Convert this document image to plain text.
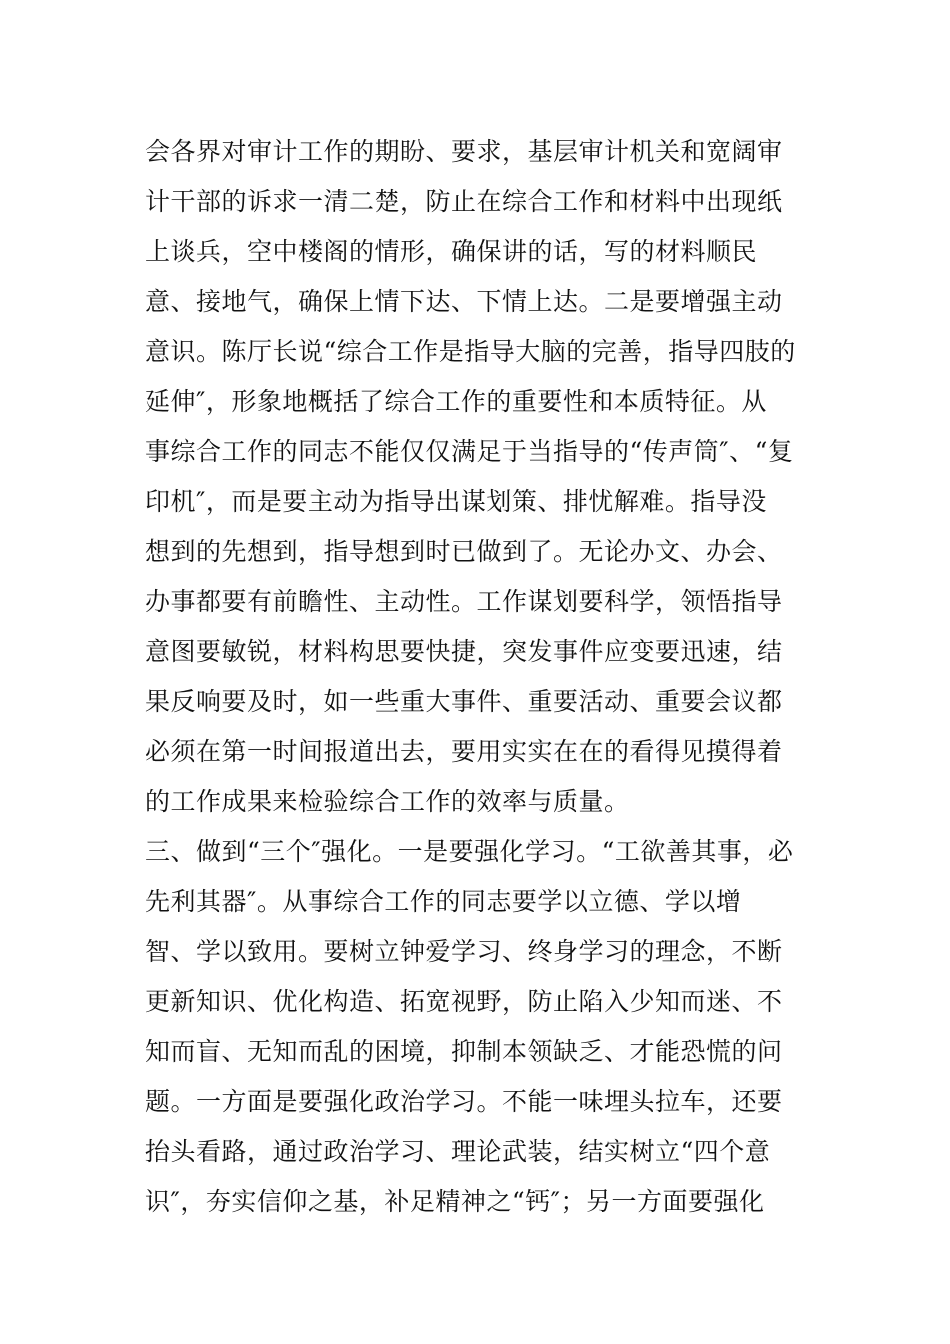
会各界对审计工作的期盼、要求，基层审计机关和宽阔审
计干部的诉求一清二楚，防止在综合工作和材料中出现纸
上谈兵，空中楼阁的情形，确保讲的话，写的材料顺民
意、接地气，确保上情下达、下情上达。二是要增强主动
意识。陈厅长说“综合工作是指导大脑的完善，指导四肢的
延伸″，形象地概括了综合工作的重要性和本质特征。从
事综合工作的同志不能仅仅满足于当指导的“传声筒″、“复
印机″，而是要主动为指导出谋划策、排忧解难。指导没
想到的先想到，指导想到时已做到了。无论办文、办会、
办事都要有前瞻性、主动性。工作谋划要科学，领悟指导
意图要敏锐，材料构思要快捷，突发事件应变要迅速，结
果反响要及时，如一些重大事件、重要活动、重要会议都
必须在第一时间报道出去，要用实实在在的看得见摸得着
的工作成果来检验综合工作的效率与质量。
三、做到“三个″强化。一是要强化学习。“工欲善其事，必
先利其器″。从事综合工作的同志要学以立德、学以增
智、学以致用。要树立钟爱学习、终身学习的理念，不断
更新知识、优化构造、拓宽视野，防止陷入少知而迷、不
知而盲、无知而乱的困境，抑制本领缺乏、才能恐慌的问
题。一方面是要强化政治学习。不能一味埋头拉车，还要
抬头看路，通过政治学习、理论武装，结实树立“四个意
识″，夯实信仰之基，补足精神之“钙″；另一方面要强化
